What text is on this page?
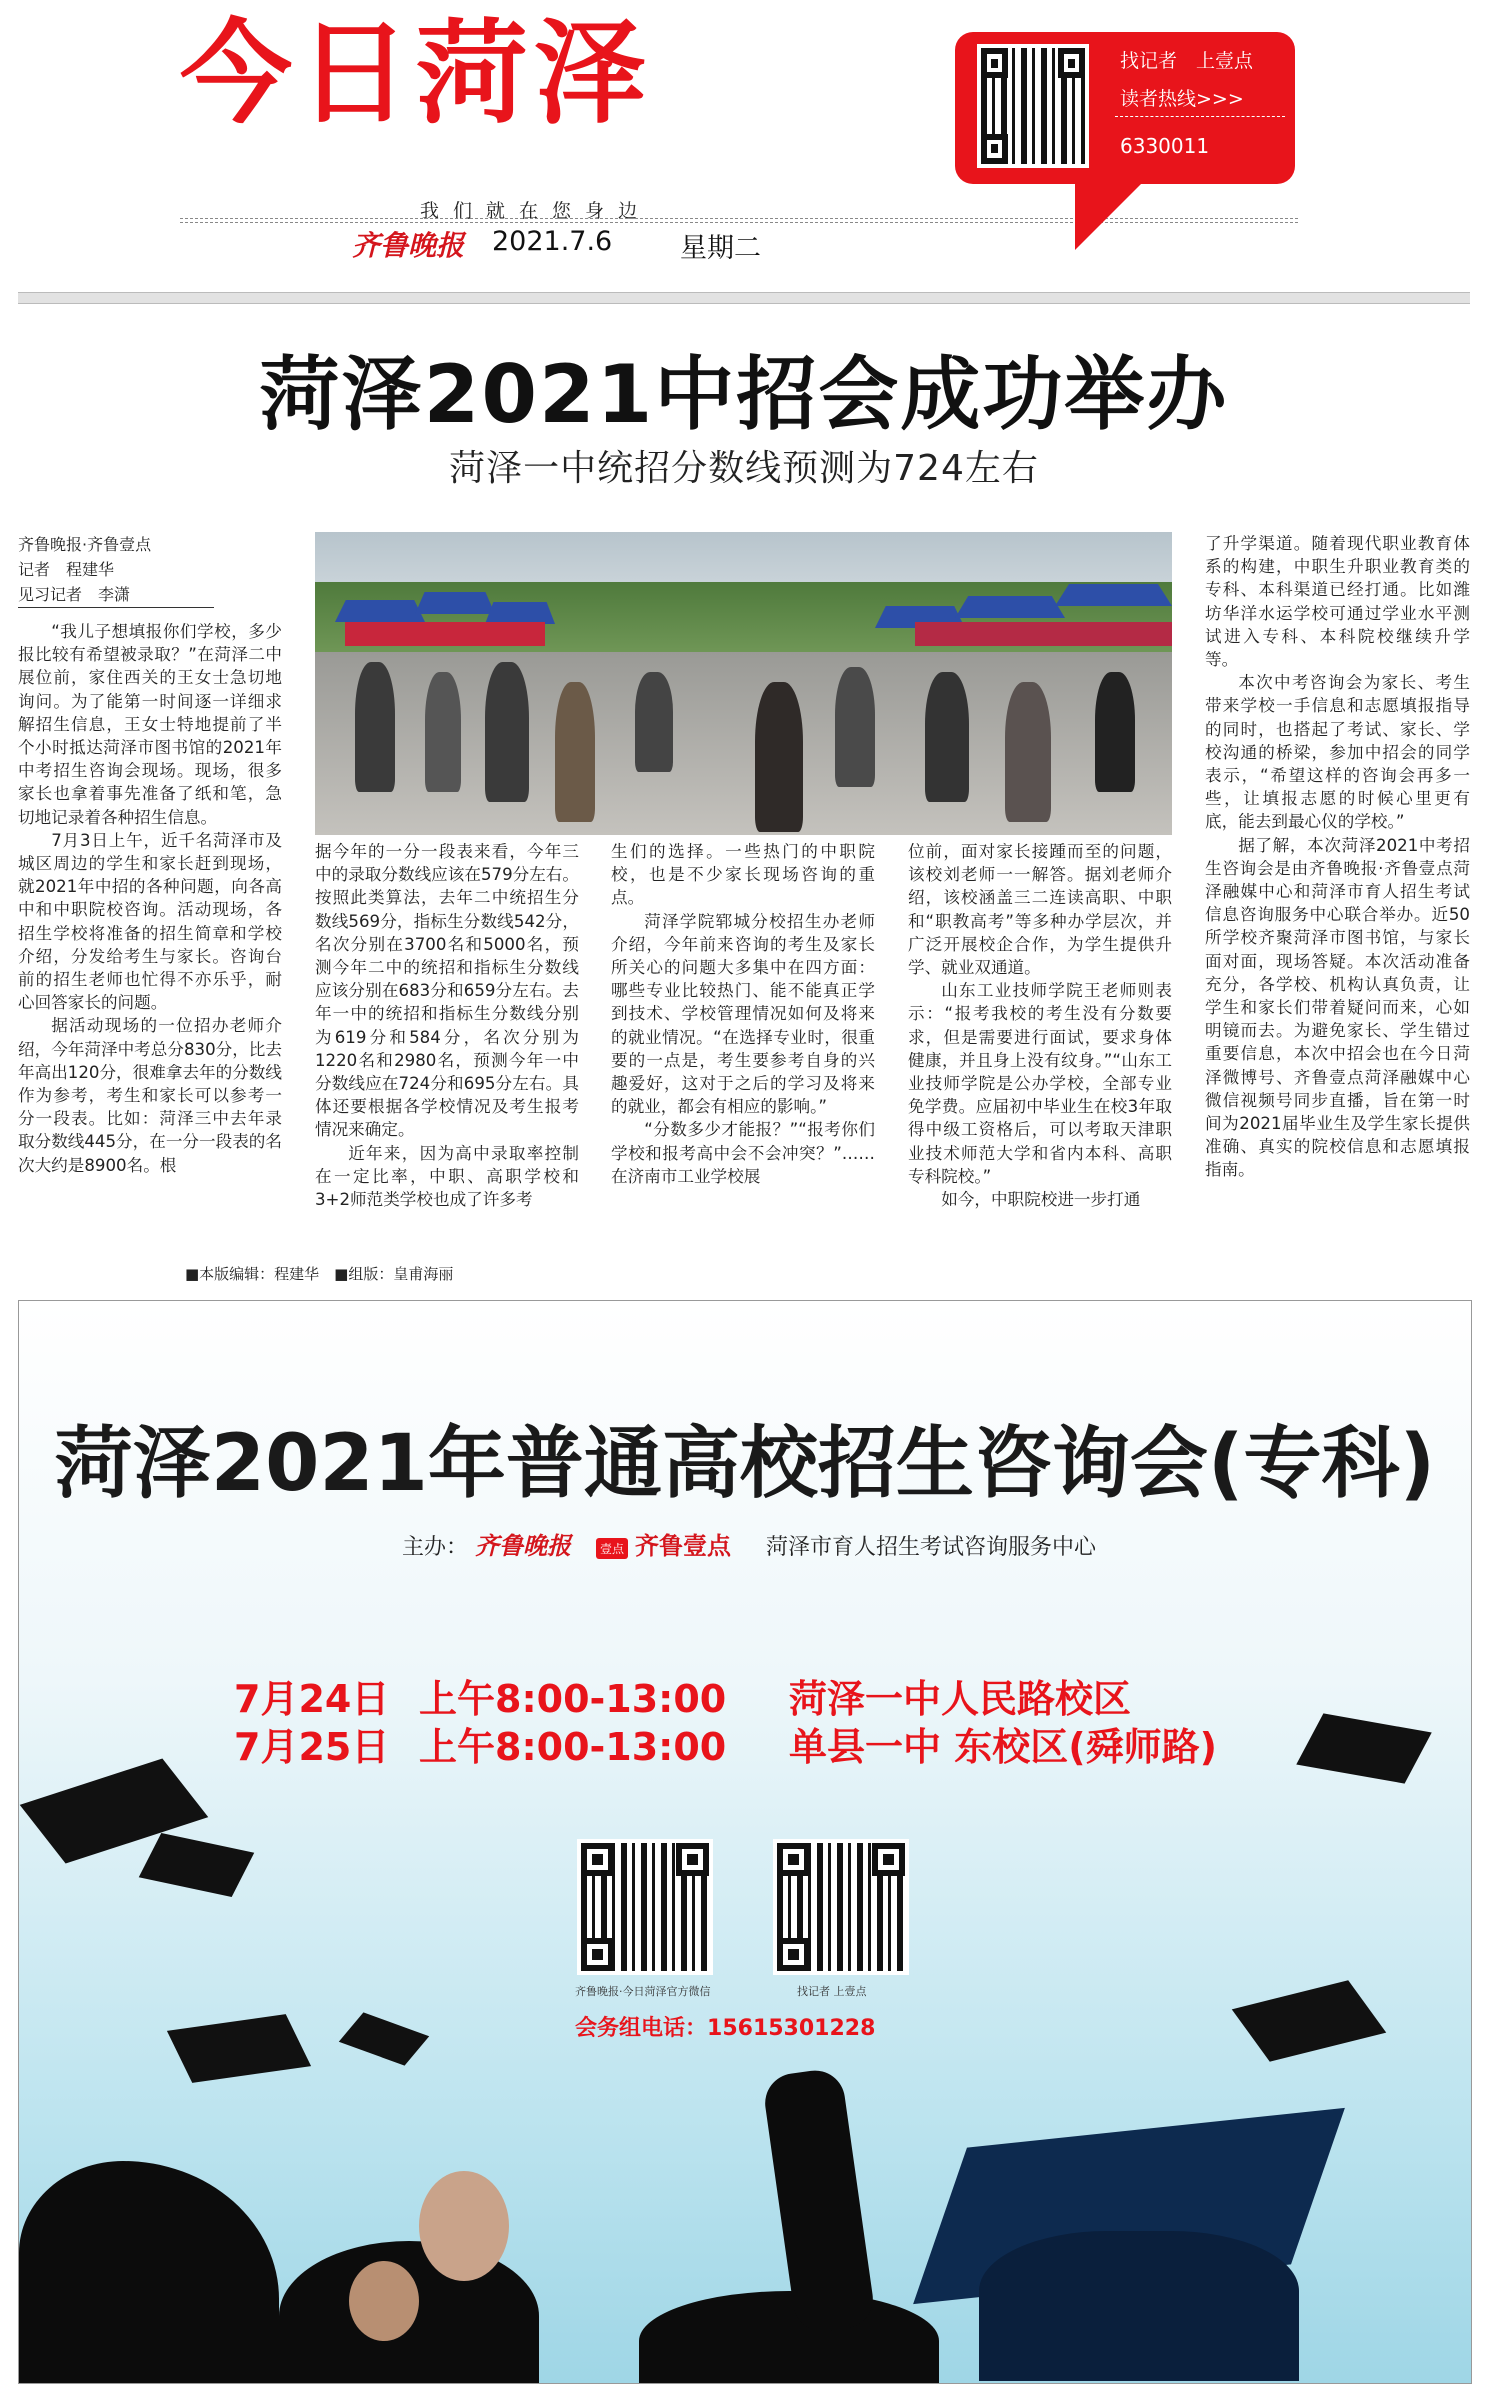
今日菏泽
我们就在您身边
齐鲁晚报 2021.7.6	星期二
找记者　上壹点
读者热线>>>
6330011
菏泽2021中招会成功举办
菏泽一中统招分数线预测为724左右
齐鲁晚报·齐鲁壹点
记者　程建华
见习记者　李潇

“我儿子想填报你们学校，多少报比较有希望被录取？”在菏泽二中展位前，家住西关的王女士急切地询问。为了能第一时间逐一详细求解招生信息，王女士特地提前了半个小时抵达菏泽市图书馆的2021年中考招生咨询会现场。现场，很多家长也拿着事先准备了纸和笔，急切地记录着各种招生信息。

7月3日上午，近千名菏泽市及城区周边的学生和家长赶到现场，就2021年中招的各种问题，向各高中和中职院校咨询。活动现场，各招生学校将准备的招生简章和学校介绍，分发给考生与家长。咨询台前的招生老师也忙得不亦乐乎，耐心回答家长的问题。

据活动现场的一位招办老师介绍，今年菏泽中考总分830分，比去年高出120分，很难拿去年的分数线作为参考，考生和家长可以参考一分一段表。比如：菏泽三中去年录取分数线445分，在一分一段表的名次大约是8900名。根

据今年的一分一段表来看，今年三中的录取分数线应该在579分左右。按照此类算法，去年二中统招生分数线569分，指标生分数线542分，名次分别在3700名和5000名，预测今年二中的统招和指标生分数线应该分别在683分和659分左右。去年一中的统招和指标生分数线分别为619分和584分，名次分别为1220名和2980名，预测今年一中分数线应在724分和695分左右。具体还要根据各学校情况及考生报考情况来确定。

近年来，因为高中录取率控制在一定比率，中职、高职学校和3+2师范类学校也成了许多考

生们的选择。一些热门的中职院校，也是不少家长现场咨询的重点。

菏泽学院郓城分校招生办老师介绍，今年前来咨询的考生及家长所关心的问题大多集中在四方面：哪些专业比较热门、能不能真正学到技术、学校管理情况如何及将来的就业情况。“在选择专业时，很重要的一点是，考生要参考自身的兴趣爱好，这对于之后的学习及将来的就业，都会有相应的影响。”

“分数多少才能报？”“报考你们学校和报考高中会不会冲突？”……在济南市工业学校展

位前，面对家长接踵而至的问题，该校刘老师一一解答。据刘老师介绍，该校涵盖三二连读高职、中职和“职教高考”等多种办学层次，并广泛开展校企合作，为学生提供升学、就业双通道。

山东工业技师学院王老师则表示：“报考我校的考生没有分数要求，但是需要进行面试，要求身体健康，并且身上没有纹身。”“山东工业技师学院是公办学校，全部专业免学费。应届初中毕业生在校3年取得中级工资格后，可以考取天津职业技术师范大学和省内本科、高职专科院校。”

如今，中职院校进一步打通

了升学渠道。随着现代职业教育体系的构建，中职生升职业教育类的专科、本科渠道已经打通。比如潍坊华洋水运学校可通过学业水平测试进入专科、本科院校继续升学等。

本次中考咨询会为家长、考生带来学校一手信息和志愿填报指导的同时，也搭起了考试、家长、学校沟通的桥梁，参加中招会的同学表示，“希望这样的咨询会再多一些，让填报志愿的时候心里更有底，能去到最心仪的学校。”

据了解，本次菏泽2021中考招生咨询会是由齐鲁晚报·齐鲁壹点菏泽融媒中心和菏泽市育人招生考试信息咨询服务中心联合举办。近50所学校齐聚菏泽市图书馆，与家长面对面，现场答疑。本次活动准备充分，各学校、机构认真负责，让学生和家长们带着疑问而来，心如明镜而去。为避免家长、学生错过重要信息，本次中招会也在今日菏泽微博号、齐鲁壹点菏泽融媒中心微信视频号同步直播，旨在第一时间为2021届毕业生及学生家长提供准确、真实的院校信息和志愿填报指南。

■本版编辑：程建华　■组版：皇甫海丽
菏泽2021年普通高校招生咨询会(专科)
主办： 齐鲁晚报 壹点 齐鲁壹点 菏泽市育人招生考试咨询服务中心
7月24日 上午8:00-13:00 菏泽一中人民路校区
7月25日 上午8:00-13:00 单县一中 东校区(舜师路)
齐鲁晚报·今日菏泽官方微信	找记者 上壹点
会务组电话：15615301228
